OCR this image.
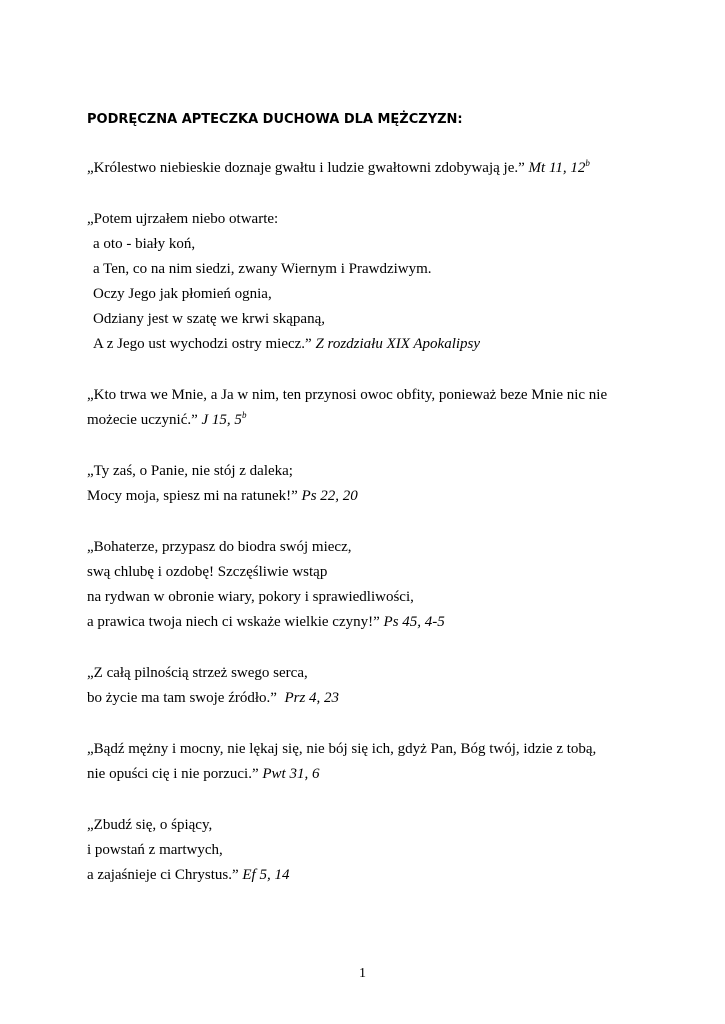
PODRĘCZNA APTECZKA DUCHOWA DLA MĘŻCZYZN:
„Królestwo niebieskie doznaje gwałtu i ludzie gwałtowni zdobywają je.” Mt 11, 12$^b$
„Potem ujrzałem niebo otwarte:
a oto - biały koń,
a Ten, co na nim siedzi, zwany Wiernym i Prawdziwym.
Oczy Jego jak płomień ognia,
Odziany jest w szatę we krwi skąpaną,
A z Jego ust wychodzi ostry miecz.” Z rozdziału XIX Apokalipsy
„Kto trwa we Mnie, a Ja w nim, ten przynosi owoc obfity, ponieważ beze Mnie nic nie
możecie uczynić.” J 15, 5$^b$
„Ty zaś, o Panie, nie stój z daleka;
Mocy moja, spiesz mi na ratunek!” Ps 22, 20
„Bohaterze, przypasz do biodra swój miecz,
swą chlubę i ozdobę! Szczęśliwie wstąp
na rydwan w obronie wiary, pokory i sprawiedliwości,
a prawica twoja niech ci wskaże wielkie czyny!” Ps 45, 4-5
„Z całą pilnością strzeż swego serca,
bo życie ma tam swoje źródło.”  Prz 4, 23
„Bądź mężny i mocny, nie lękaj się, nie bój się ich, gdyż Pan, Bóg twój, idzie z tobą,
nie opuści cię i nie porzuci.” Pwt 31, 6
„Zbudź się, o śpiący,
i powstań z martwych,
a zajaśnieje ci Chrystus.” Ef 5, 14
1
